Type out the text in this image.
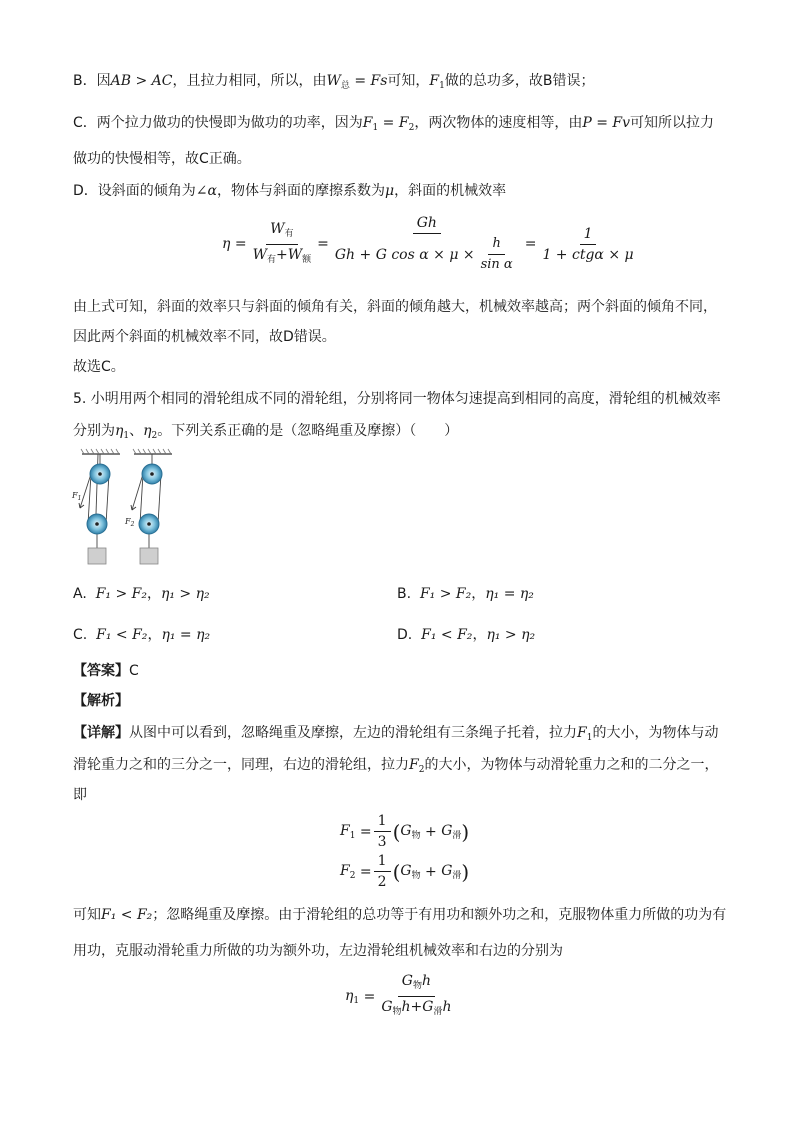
B．因AB > AC，且拉力相同，所以，由$W_总 = Fs$可知，$F_1$做的总功多，故B错误；
C．两个拉力做功的快慢即为做功的功率，因为$F_1 = F_2$，两次物体的速度相等，由P = Fv可知所以拉力
做功的快慢相等，故C正确。
D．设斜面的倾角为∠α，物体与斜面的摩擦系数为μ，斜面的机械效率
η
= $\frac{W_有}{W_有+W_额} = \frac{Gh}{Gh + G \cos \alpha \times \mu \times \frac{h}{\text{sin α}}} = \frac{1}{\text{1 + ctgα × μ}}$
由上式可知，斜面的效率只与斜面的倾角有关，斜面的倾角越大，机械效率越高；两个斜面的倾角不同，
因此两个斜面的机械效率不同，故D错误。
故选C。
5. 小明用两个相同的滑轮组成不同的滑轮组，分别将同一物体匀速提高到相同的高度，滑轮组的机械效率
分别为$\eta_1$、$\eta_2$。下列关系正确的是（忽略绳重及摩擦）（　　）
$F_1$
$F_2$
A. F₁ > F₂，η₁ > η₂	B. F₁ > F₂，η₁ = η₂
C. F₁ < F₂，η₁ = η₂	D. F₁ < F₂，η₁ > η₂
【答案】C
【解析】
【详解】从图中可以看到，忽略绳重及摩擦，左边的滑轮组有三条绳子托着，拉力$F_1$的大小，为物体与动
滑轮重力之和的三分之一，同理，右边的滑轮组，拉力$F_2$的大小，为物体与动滑轮重力之和的二分之一，
即
$F_1$
= $\frac{1}{3}$ ( $G_物$
+
$G_滑$ )
$F_2$
= $\frac{1}{2}$ ( $G_物$
+
$G_滑$ )
可知F₁ < F₂；忽略绳重及摩擦。由于滑轮组的总功等于有用功和额外功之和，克服物体重力所做的功为有
用功，克服动滑轮重力所做的功为额外功，左边滑轮组机械效率和右边的分别为
$\eta_1$
= $\frac{G_物h}{G_物h+G_滑h}$
